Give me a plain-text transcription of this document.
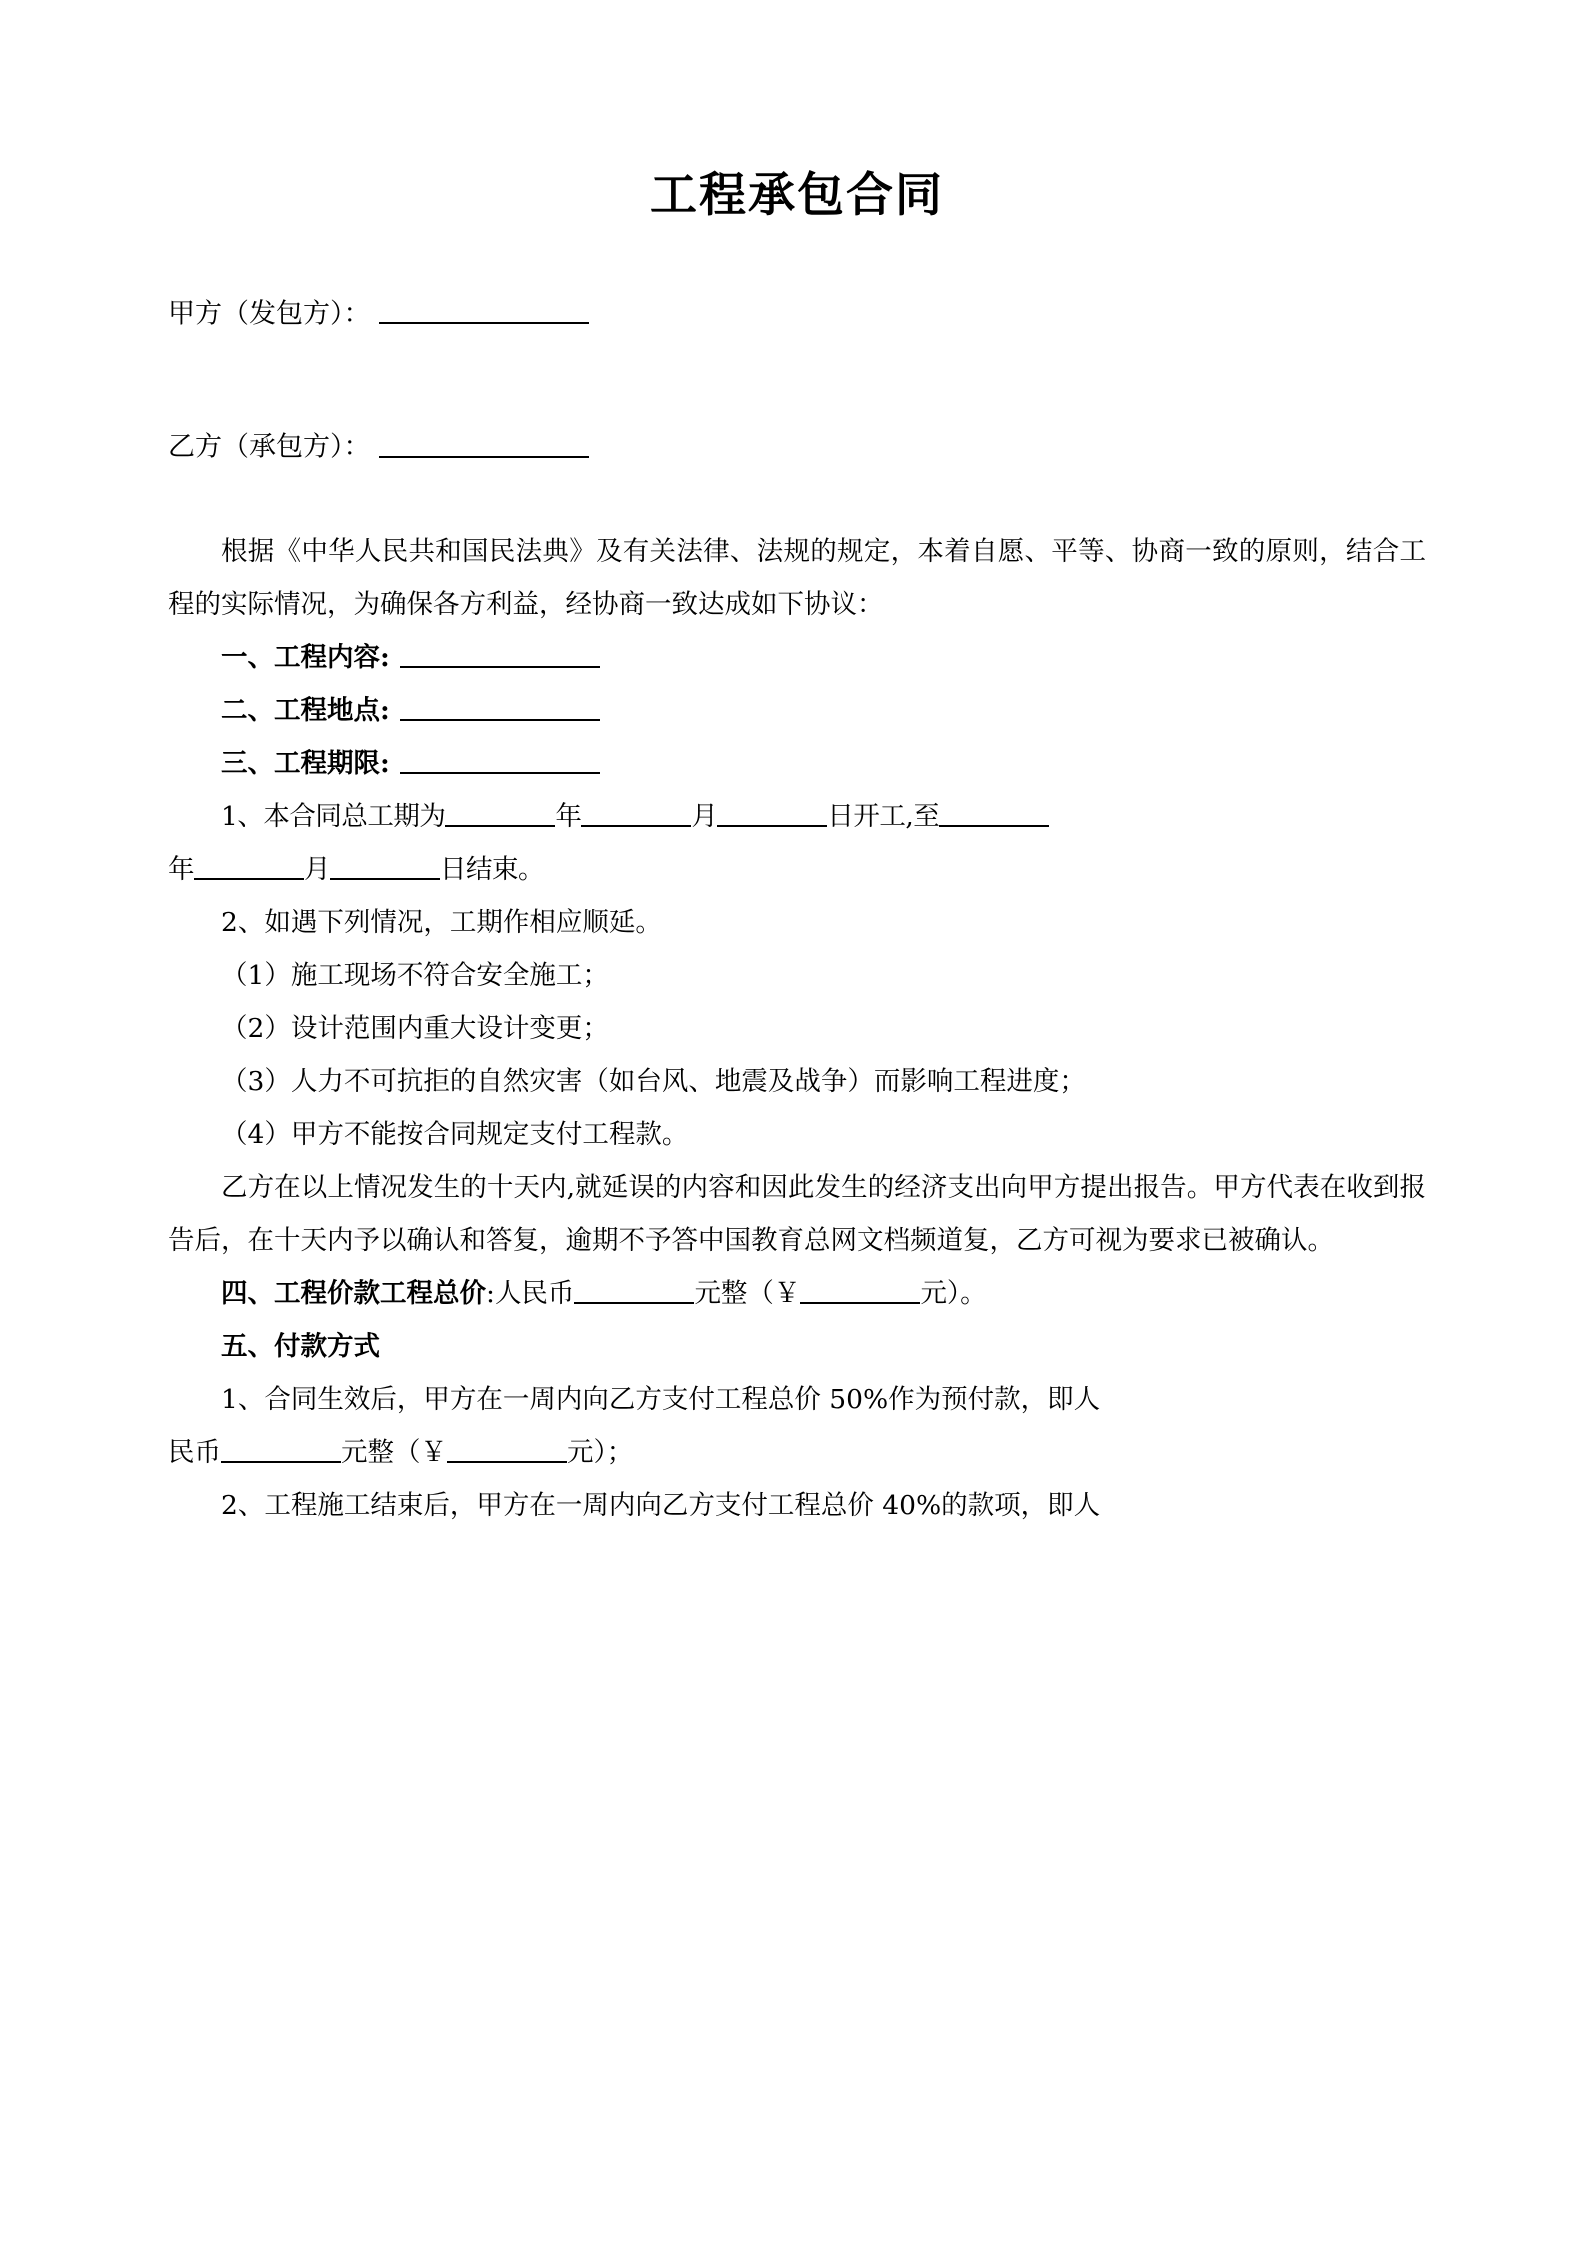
工程承包合同
甲方（发包方）：
乙方（承包方）：

根据《中华人民共和国民法典》及有关法律、法规的规定，本着自愿、平等、协商一致的原则，结合工程的实际情况，为确保各方利益，经协商一致达成如下协议：

一、工程内容:
二、工程地点:
三、工程期限:
1、本合同总工期为	年	月	日开工,至
年	月	日结束。

2、如遇下列情况，工期作相应顺延。

（1）施工现场不符合安全施工；

（2）设计范围内重大设计变更；

（3）人力不可抗拒的自然灾害（如台风、地震及战争）而影响工程进度；

（4）甲方不能按合同规定支付工程款。

乙方在以上情况发生的十天内,就延误的内容和因此发生的经济支出向甲方提出报告。甲方代表在收到报告后，在十天内予以确认和答复，逾期不予答中国教育总网文档频道复，乙方可视为要求已被确认。

四、工程价款工程总价:人民币	元整（￥	元）。

五、付款方式

1、合同生效后，甲方在一周内向乙方支付工程总价 50%作为预付款，即人

民币	元整（￥	元）；

2、工程施工结束后，甲方在一周内向乙方支付工程总价 40%的款项，即人
